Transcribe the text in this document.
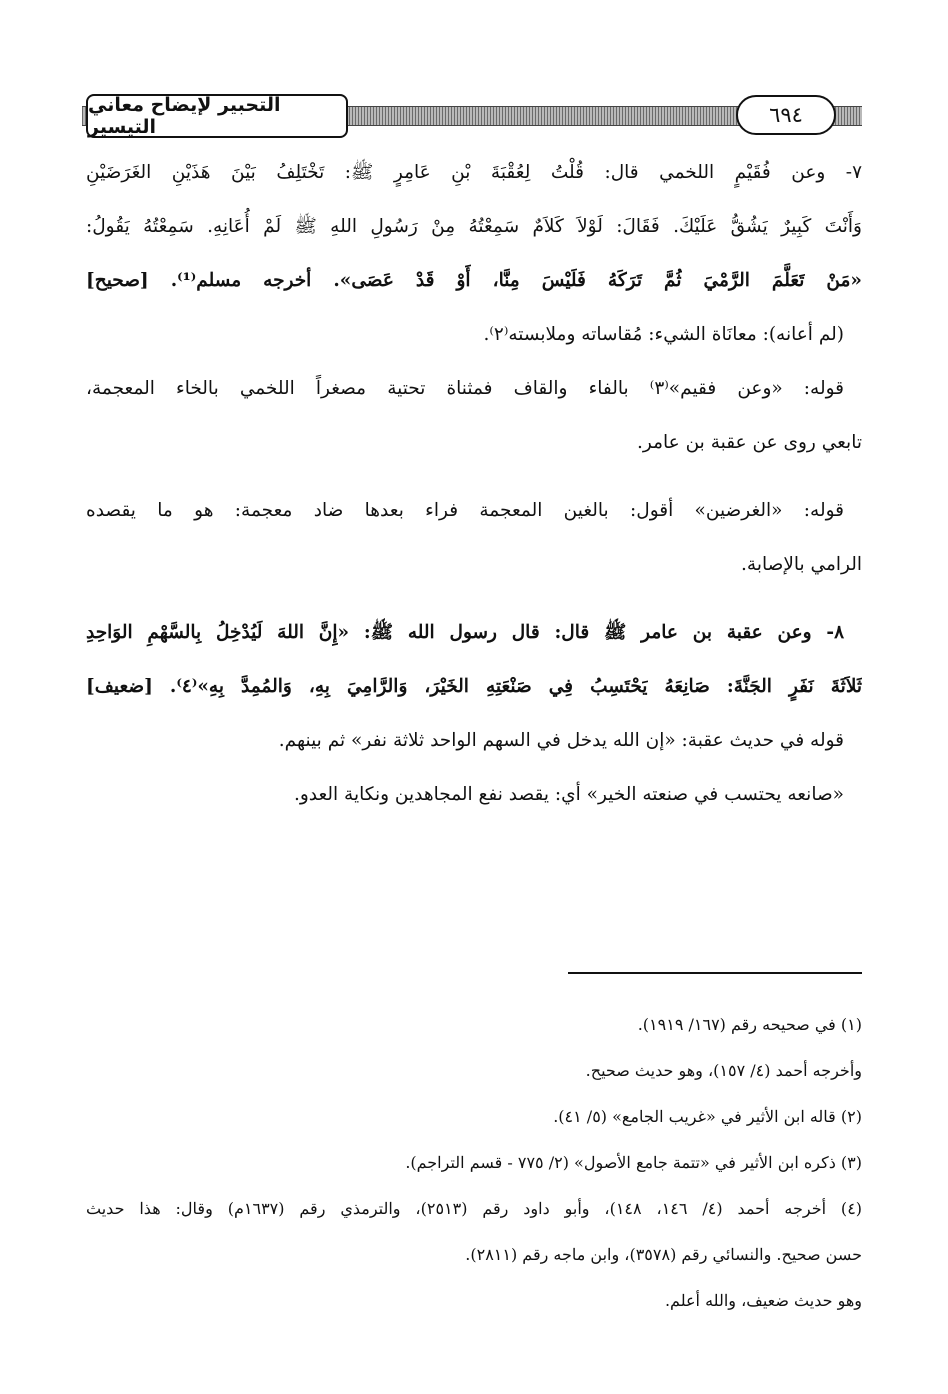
التحبير لإيضاح معاني التيسير	٦٩٤
٧- وعن فُقَيْمٍ اللخمي قال: قُلْتُ لِعُقْبَةَ بْنِ عَامِرٍ ﷺ: تَخْتَلِفُ بَيْنَ هَذَيْنِ الغَرَضَيْنِ
وَأَنْتَ كَبِيرٌ يَشُقُّ عَلَيْكَ. فَقَالَ: لَوْلاَ كَلاَمٌ سَمِعْتُهُ مِنْ رَسُولِ اللهِ ﷺ لَمْ أُعَانِهِ. سَمِعْتُهُ يَقُولُ:
«مَنْ تَعَلَّمَ الرَّمْيَ ثُمَّ تَرَكَهُ فَلَيْسَ مِنَّا، أَوْ قَدْ عَصَى». أخرجه مسلم⁽¹⁾. [صحيح]
(لم أعانه): معانَاة الشيء: مُقاساته وملابسته⁽٢⁾.
قوله: «وعن فقيم»⁽٣⁾ بالفاء والقاف فمثناة تحتية مصغراً اللخمي بالخاء المعجمة،
تابعي روى عن عقبة بن عامر.
قوله: «الغرضين» أقول: بالغين المعجمة فراء بعدها ضاد معجمة: هو ما يقصده
الرامي بالإصابة.
٨- وعن عقبة بن عامر ﷺ قال: قال رسول الله ﷺ: «إِنَّ اللهَ لَيُدْخِلُ بِالسَّهْمِ الوَاحِدِ
ثَلاَثَةَ نَفَرٍ الجَنَّةَ: صَانِعَهُ يَحْتَسِبُ فِي صَنْعَتِهِ الخَيْرَ، وَالرَّامِيَ بِهِ، وَالمُمِدَّ بِهِ»⁽٤⁾. [ضعيف]
قوله في حديث عقبة: «إن الله يدخل في السهم الواحد ثلاثة نفر» ثم بينهم.
«صانعه يحتسب في صنعته الخير» أي: يقصد نفع المجاهدين ونكاية العدو.
(١) في صحيحه رقم (١٦٧/ ١٩١٩).
وأخرجه أحمد (٤/ ١٥٧)، وهو حديث صحيح.
(٢) قاله ابن الأثير في «غريب الجامع» (٥/ ٤١).
(٣) ذكره ابن الأثير في «تتمة جامع الأصول» (٢/ ٧٧٥ - قسم التراجم).
(٤) أخرجه أحمد (٤/ ١٤٦، ١٤٨)، وأبو داود رقم (٢٥١٣)، والترمذي رقم (١٦٣٧م) وقال: هذا حديث
حسن صحيح. والنسائي رقم (٣٥٧٨)، وابن ماجه رقم (٢٨١١).
وهو حديث ضعيف، والله أعلم.
